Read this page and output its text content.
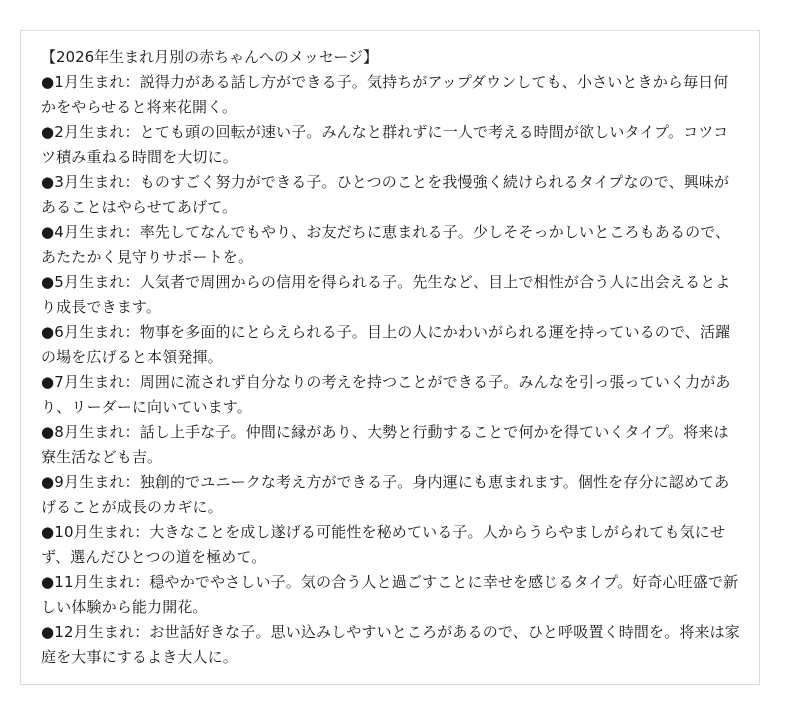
【2026年生まれ月別の赤ちゃんへのメッセージ】
●1月生まれ：説得力がある話し方ができる子。気持ちがアップダウンしても、小さいときから毎日何かをやらせると将来花開く。
●2月生まれ：とても頭の回転が速い子。みんなと群れずに一人で考える時間が欲しいタイプ。コツコツ積み重ねる時間を大切に。
●3月生まれ：ものすごく努力ができる子。ひとつのことを我慢強く続けられるタイプなので、興味があることはやらせてあげて。
●4月生まれ：率先してなんでもやり、お友だちに恵まれる子。少しそそっかしいところもあるので、あたたかく見守りサポートを。
●5月生まれ：人気者で周囲からの信用を得られる子。先生など、目上で相性が合う人に出会えるとより成長できます。
●6月生まれ：物事を多面的にとらえられる子。目上の人にかわいがられる運を持っているので、活躍の場を広げると本領発揮。
●7月生まれ：周囲に流されず自分なりの考えを持つことができる子。みんなを引っ張っていく力があり、リーダーに向いています。
●8月生まれ：話し上手な子。仲間に縁があり、大勢と行動することで何かを得ていくタイプ。将来は寮生活なども吉。
●9月生まれ：独創的でユニークな考え方ができる子。身内運にも恵まれます。個性を存分に認めてあげることが成長のカギに。
●10月生まれ：大きなことを成し遂げる可能性を秘めている子。人からうらやましがられても気にせず、選んだひとつの道を極めて。
●11月生まれ：穏やかでやさしい子。気の合う人と過ごすことに幸せを感じるタイプ。好奇心旺盛で新しい体験から能力開花。
●12月生まれ：お世話好きな子。思い込みしやすいところがあるので、ひと呼吸置く時間を。将来は家庭を大事にするよき大人に。
